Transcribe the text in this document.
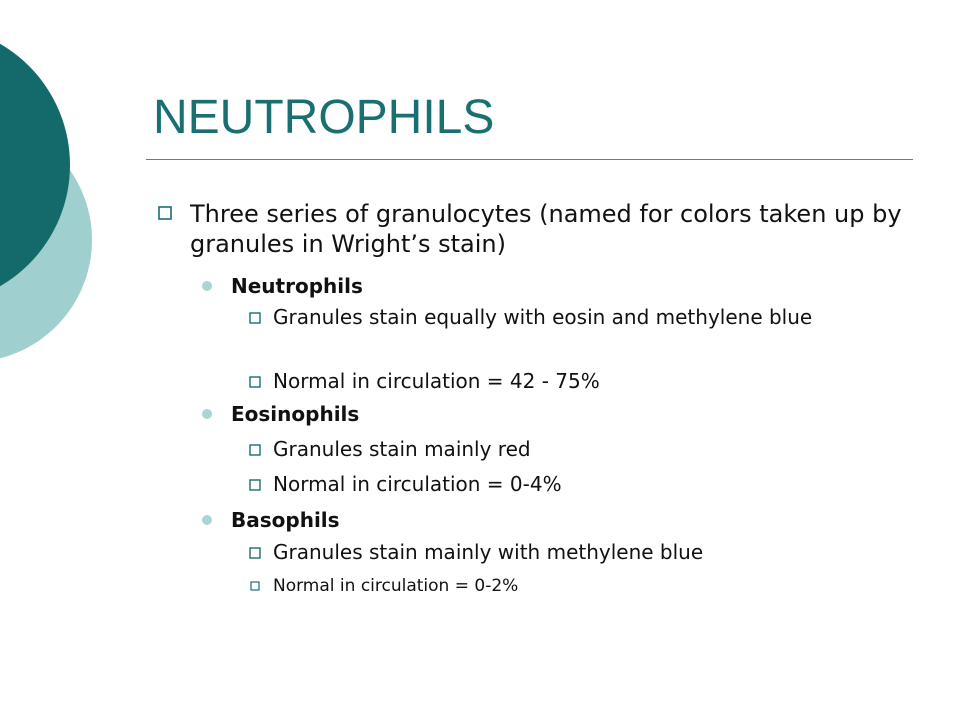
NEUTROPHILS
Three series of granulocytes (named for colors taken up by granules in Wright’s stain)
Neutrophils
Granules stain equally with eosin and methylene blue
Normal in circulation = 42 - 75%
Eosinophils
Granules stain mainly red
Normal in circulation = 0-4%
Basophils
Granules stain mainly with methylene blue
Normal in circulation = 0-2%
